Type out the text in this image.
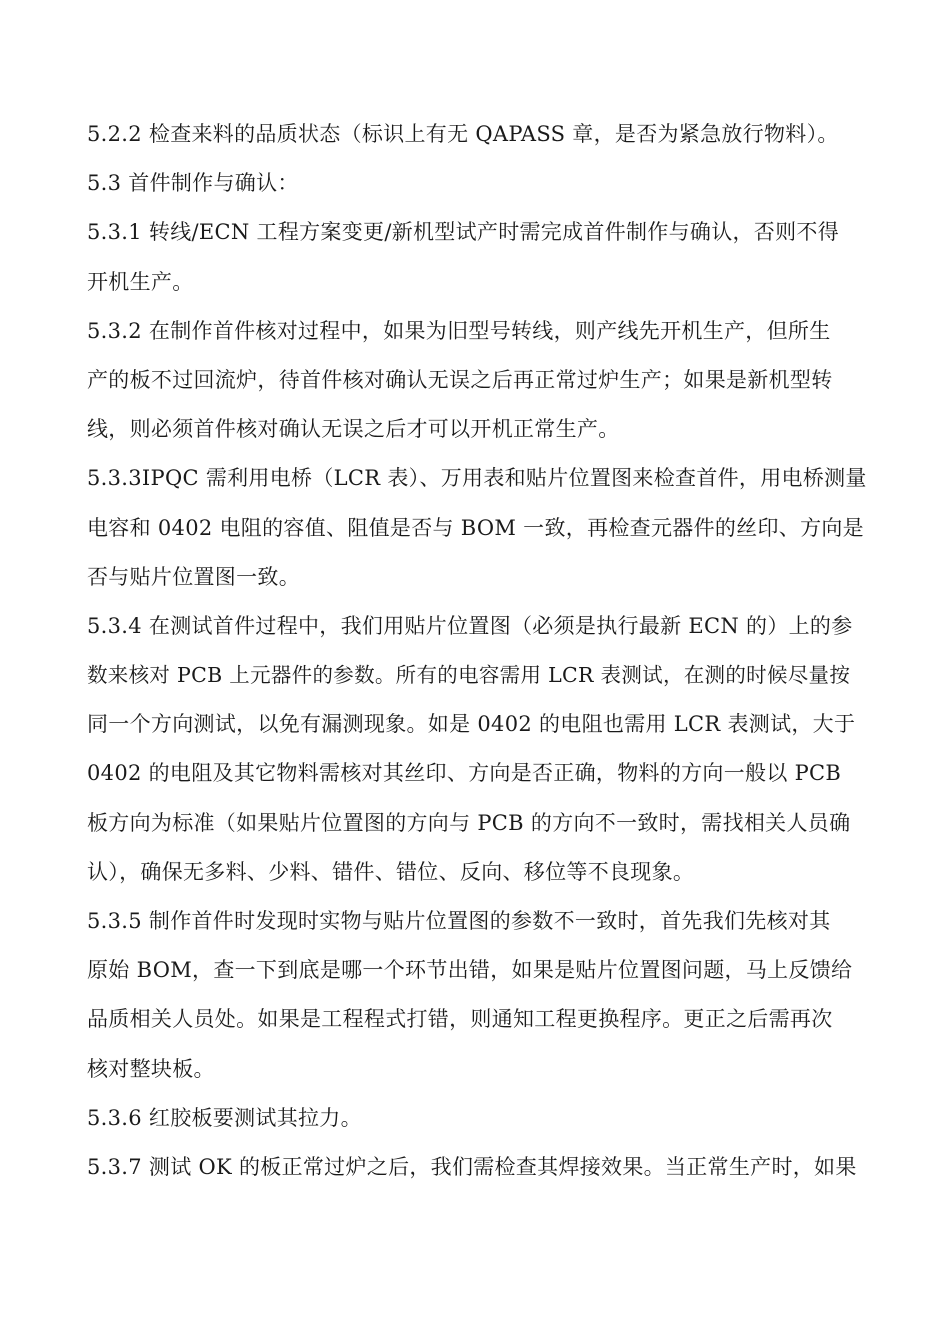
5.2.2 检查来料的品质状态（标识上有无 QAPASS 章，是否为紧急放行物料）。
5.3 首件制作与确认：
5.3.1 转线/ECN 工程方案变更/新机型试产时需完成首件制作与确认，否则不得
开机生产。
5.3.2 在制作首件核对过程中，如果为旧型号转线，则产线先开机生产，但所生
产的板不过回流炉，待首件核对确认无误之后再正常过炉生产；如果是新机型转
线，则必须首件核对确认无误之后才可以开机正常生产。
5.3.3IPQC 需利用电桥（LCR 表）、万用表和贴片位置图来检查首件，用电桥测量
电容和 0402 电阻的容值、阻值是否与 BOM 一致，再检查元器件的丝印、方向是
否与贴片位置图一致。
5.3.4 在测试首件过程中，我们用贴片位置图（必须是执行最新 ECN 的）上的参
数来核对 PCB 上元器件的参数。所有的电容需用 LCR 表测试，在测的时候尽量按
同一个方向测试，以免有漏测现象。如是 0402 的电阻也需用 LCR 表测试，大于
0402 的电阻及其它物料需核对其丝印、方向是否正确，物料的方向一般以 PCB
板方向为标准（如果贴片位置图的方向与 PCB 的方向不一致时，需找相关人员确
认），确保无多料、少料、错件、错位、反向、移位等不良现象。
5.3.5 制作首件时发现时实物与贴片位置图的参数不一致时，首先我们先核对其
原始 BOM，查一下到底是哪一个环节出错，如果是贴片位置图问题，马上反馈给
品质相关人员处。如果是工程程式打错，则通知工程更换程序。更正之后需再次
核对整块板。
5.3.6 红胶板要测试其拉力。
5.3.7 测试 OK 的板正常过炉之后，我们需检查其焊接效果。当正常生产时，如果
